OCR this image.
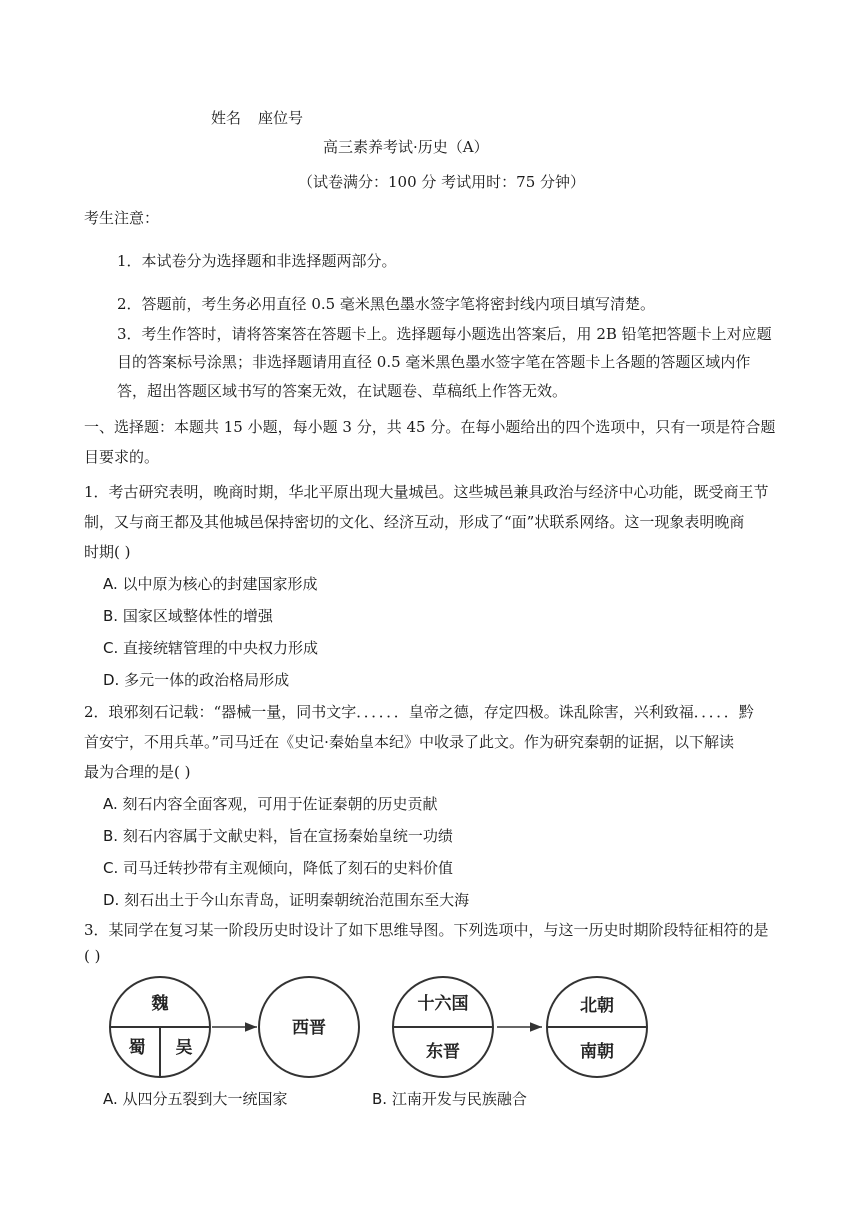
姓名 座位号
高三素养考试·历史（A）
（试卷满分：100 分 考试用时：75 分钟）
考生注意：
1．本试卷分为选择题和非选择题两部分。
2．答题前，考生务必用直径 0.5 毫米黑色墨水签字笔将密封线内项目填写清楚。
3．考生作答时，请将答案答在答题卡上。选择题每小题选出答案后，用 2B 铅笔把答题卡上对应题
目的答案标号涂黑；非选择题请用直径 0.5 毫米黑色墨水签字笔在答题卡上各题的答题区域内作
答，超出答题区域书写的答案无效，在试题卷、草稿纸上作答无效。
一、选择题：本题共 15 小题，每小题 3 分，共 45 分。在每小题给出的四个选项中，只有一项是符合题
目要求的。
1．考古研究表明，晚商时期，华北平原出现大量城邑。这些城邑兼具政治与经济中心功能，既受商王节
制，又与商王都及其他城邑保持密切的文化、经济互动，形成了“面”状联系网络。这一现象表明晚商
时期( )
A. 以中原为核心的封建国家形成
B. 国家区域整体性的增强
C. 直接统辖管理的中央权力形成
D. 多元一体的政治格局形成
2．琅邪刻石记载：“器械一量，同书文字．．．．．．皇帝之德，存定四极。诛乱除害，兴利致福．．．．．黔
首安宁，不用兵革。”司马迁在《史记·秦始皇本纪》中收录了此文。作为研究秦朝的证据，以下解读
最为合理的是( )
A. 刻石内容全面客观，可用于佐证秦朝的历史贡献
B. 刻石内容属于文献史料，旨在宣扬秦始皇统一功绩
C. 司马迁转抄带有主观倾向，降低了刻石的史料价值
D. 刻石出土于今山东青岛，证明秦朝统治范围东至大海
3．某同学在复习某一阶段历史时设计了如下思维导图。下列选项中，与这一历史时期阶段特征相符的是
( )
魏
蜀 吴
西晋
十六国
东晋
北朝
南朝
A. 从四分五裂到大一统国家	B. 江南开发与民族融合
